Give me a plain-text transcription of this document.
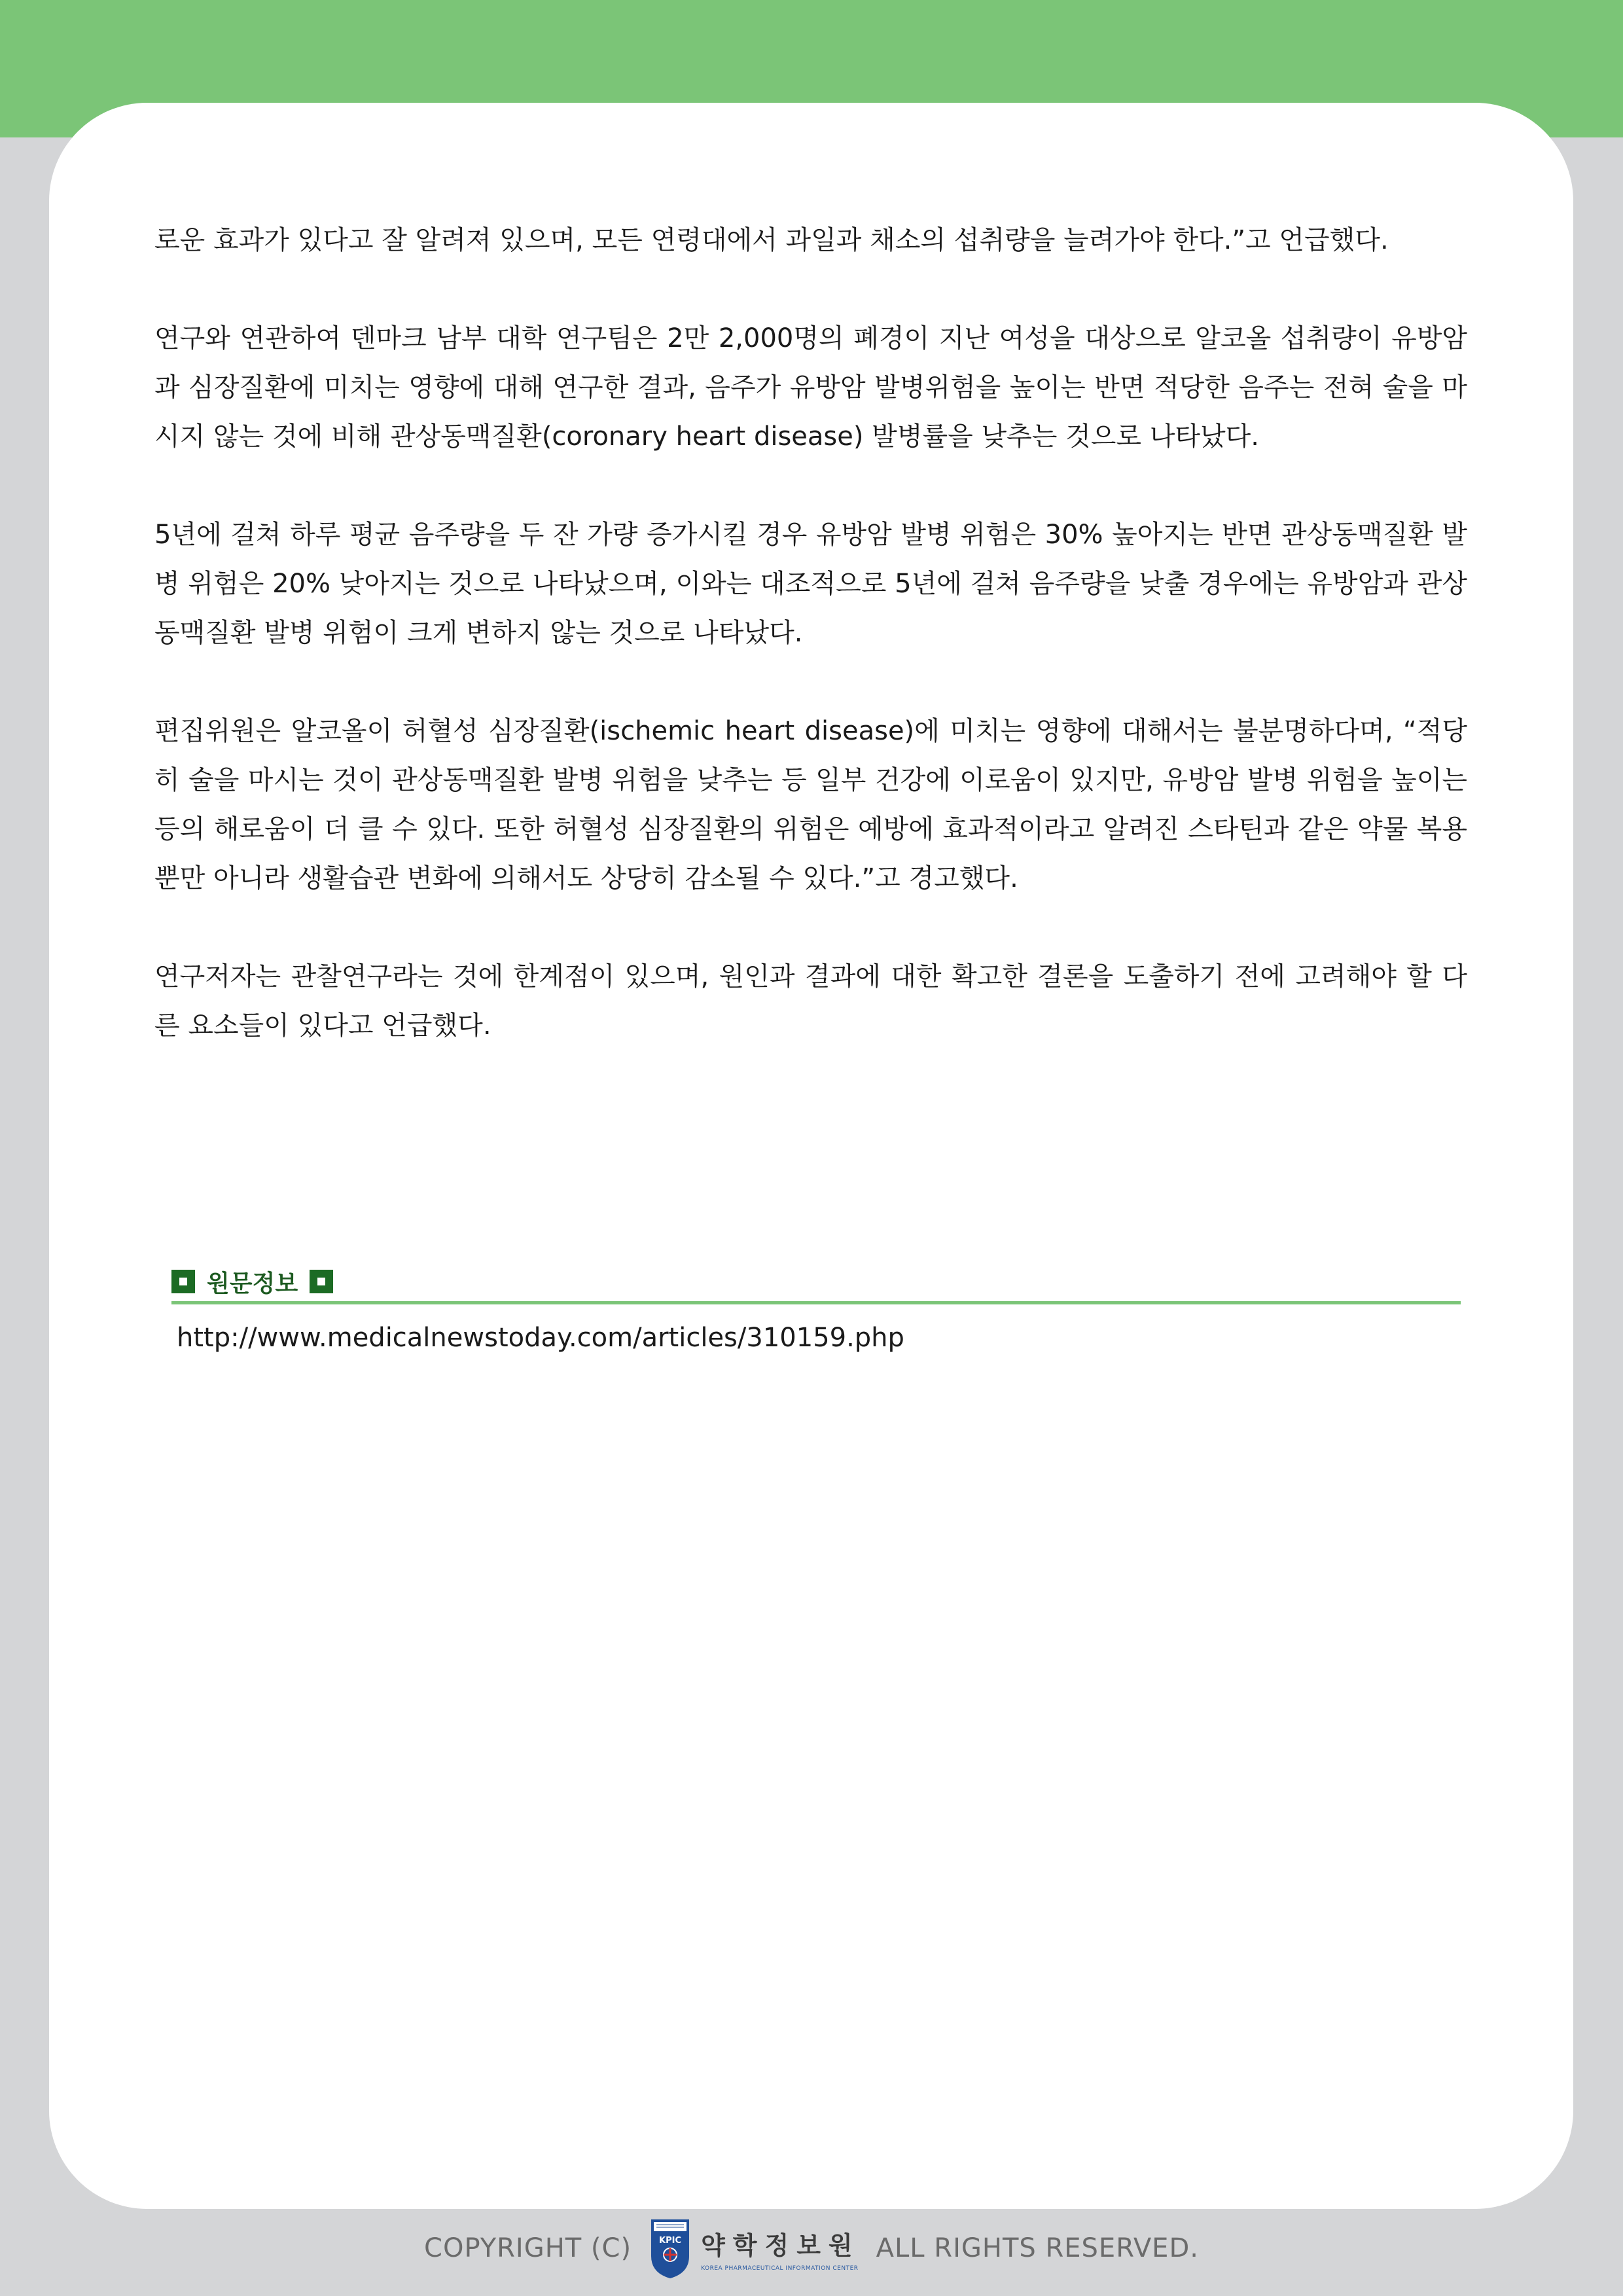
로운 효과가 있다고 잘 알려져 있으며, 모든 연령대에서 과일과 채소의 섭취량을 늘려가야 한다.”고 언급했다.

연구와 연관하여 덴마크 남부 대학 연구팀은 2만 2,000명의 폐경이 지난 여성을 대상으로 알코올 섭취량이 유방암과 심장질환에 미치는 영향에 대해 연구한 결과, 음주가 유방암 발병위험을 높이는 반면 적당한 음주는 전혀 술을 마시지 않는 것에 비해 관상동맥질환(coronary heart disease) 발병률을 낮추는 것으로 나타났다.

5년에 걸쳐 하루 평균 음주량을 두 잔 가량 증가시킬 경우 유방암 발병 위험은 30% 높아지는 반면 관상동맥질환 발병 위험은 20% 낮아지는 것으로 나타났으며, 이와는 대조적으로 5년에 걸쳐 음주량을 낮출 경우에는 유방암과 관상동맥질환 발병 위험이 크게 변하지 않는 것으로 나타났다.

편집위원은 알코올이 허혈성 심장질환(ischemic heart disease)에 미치는 영향에 대해서는 불분명하다며, “적당히 술을 마시는 것이 관상동맥질환 발병 위험을 낮추는 등 일부 건강에 이로움이 있지만, 유방암 발병 위험을 높이는 등의 해로움이 더 클 수 있다. 또한 허혈성 심장질환의 위험은 예방에 효과적이라고 알려진 스타틴과 같은 약물 복용뿐만 아니라 생활습관 변화에 의해서도 상당히 감소될 수 있다.”고 경고했다.

연구저자는 관찰연구라는 것에 한계점이 있으며, 원인과 결과에 대한 확고한 결론을 도출하기 전에 고려해야 할 다른 요소들이 있다고 언급했다.

원문정보
http://www.medicalnewstoday.com/articles/310159.php
COPYRIGHT (C)	KPIC 약학정보원
KOREA PHARMACEUTICAL INFORMATION CENTER
ALL RIGHTS RESERVED.
